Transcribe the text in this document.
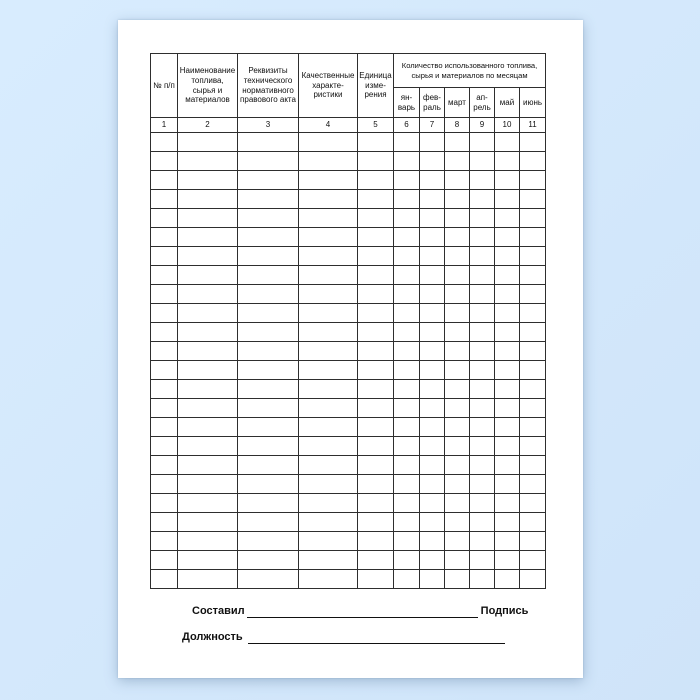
№ п/п	Наименование топлива, сырья и материалов	Реквизиты технического нормативного правового акта	Качественные характе-ристики	Единица изме-рения	Количество использованного топлива, сырья и материалов по месяцам					
					ян-варь	фев-раль	март	ап-рель	май	июнь
1	2	3	4	5	6	7	8	9	10	11

Составил	Подпись
Должность
